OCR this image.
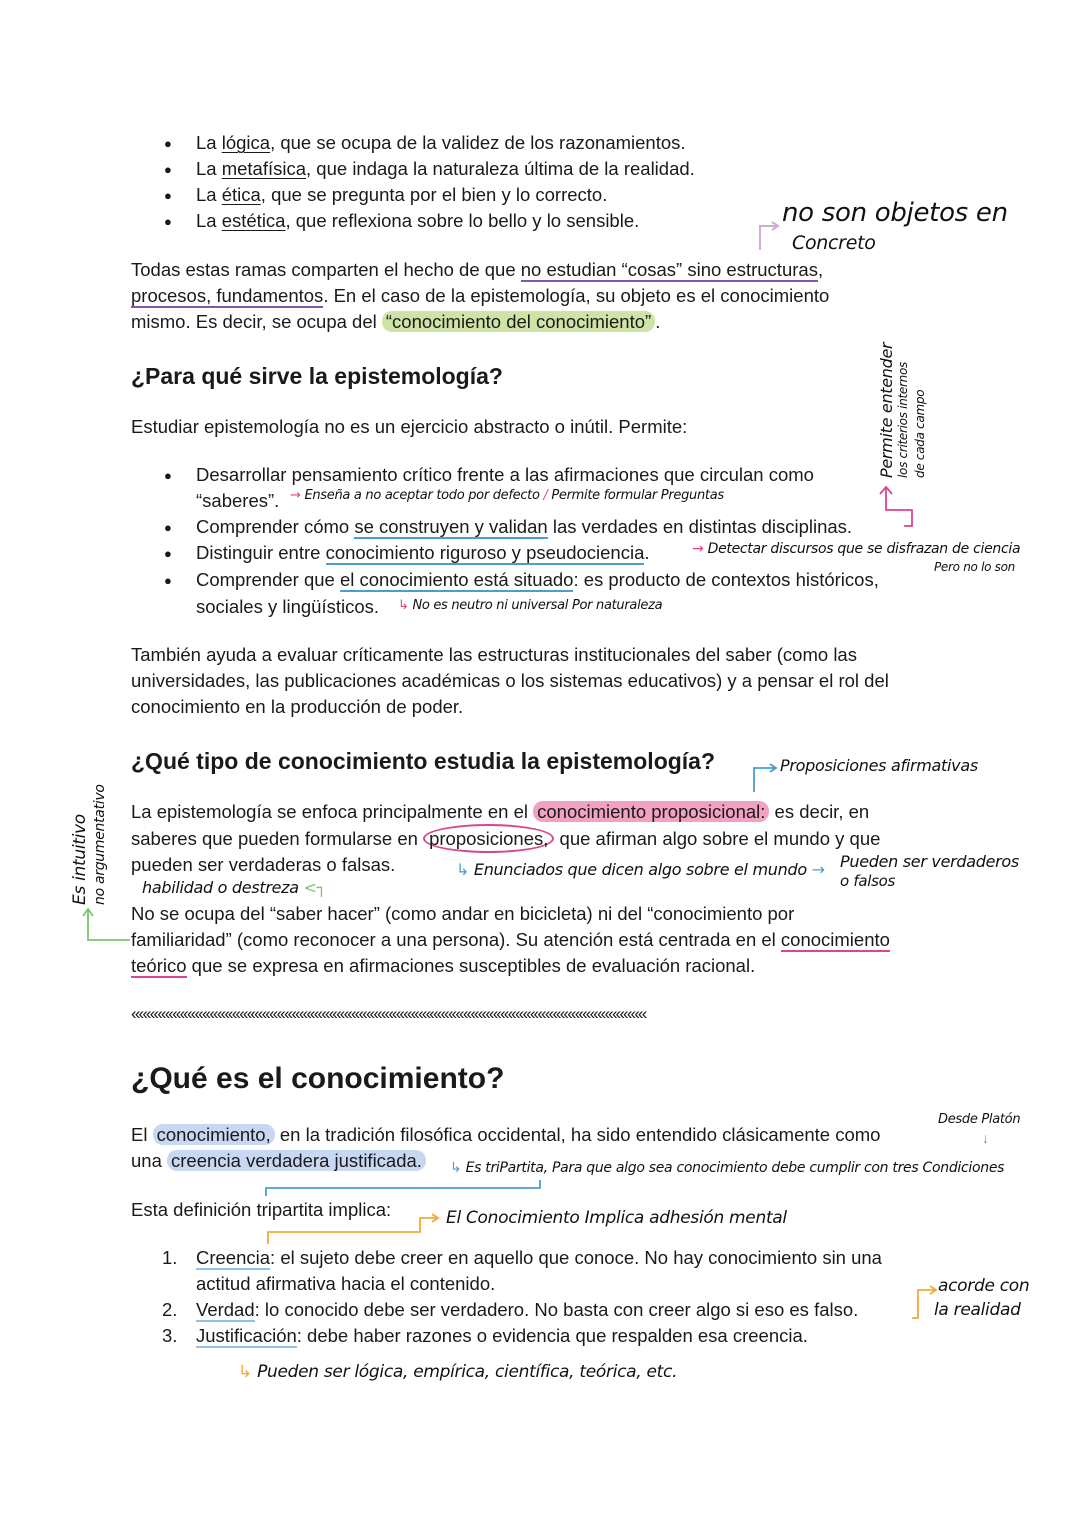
● La lógica, que se ocupa de la validez de los razonamientos.
● La metafísica, que indaga la naturaleza última de la realidad.
● La ética, que se pregunta por el bien y lo correcto.
● La estética, que reflexiona sobre lo bello y lo sensible.	no son objetos en
Concreto
Todas estas ramas comparten el hecho de que no estudian “cosas” sino estructuras,
procesos, fundamentos. En el caso de la epistemología, su objeto es el conocimiento
mismo. Es decir, se ocupa del “conocimiento del conocimiento” .
¿Para qué sirve la epistemología?
Estudiar epistemología no es un ejercicio abstracto o inútil. Permite:	Permite entender los criterios internos de cada campo
● Desarrollar pensamiento crítico frente a las afirmaciones que circulan como
“saberes”. → Enseña a no aceptar todo por defecto / Permite formular Preguntas
● Comprender cómo se construyen y validan las verdades en distintas disciplinas.
● Distinguir entre conocimiento riguroso y pseudociencia.	→ Detectar discursos que se disfrazan de ciencia
Pero no lo son
● Comprender que el conocimiento está situado: es producto de contextos históricos,
sociales y lingüísticos. ↳ No es neutro ni universal Por naturaleza
También ayuda a evaluar críticamente las estructuras institucionales del saber (como las
universidades, las publicaciones académicas o los sistemas educativos) y a pensar el rol del
conocimiento en la producción de poder.
¿Qué tipo de conocimiento estudia la epistemología?	Proposiciones afirmativas
Es intuitivo no argumentativo La epistemología se enfoca principalmente en el conocimiento proposicional: es decir, en
saberes que pueden formularse en proposiciones, que afirman algo sobre el mundo y que
pueden ser verdaderas o falsas.	↳ Enunciados que dicen algo sobre el mundo → Pueden ser verdaderos
o falsos
habilidad o destreza <┐
No se ocupa del “saber hacer” (como andar en bicicleta) ni del “conocimiento por
familiaridad” (como reconocer a una persona). Su atención está centrada en el conocimiento
teórico que se expresa en afirmaciones susceptibles de evaluación racional.
«««««««««««««««««««««««««««««««««««««««««««««««««««««««««««««««««««««
¿Qué es el conocimiento?
Desde Platón
↓
El conocimiento, en la tradición filosófica occidental, ha sido entendido clásicamente como
una creencia verdadera justificada. ↳ Es triPartita, Para que algo sea conocimiento debe cumplir con tres Condiciones
Esta definición tripartita implica:	El Conocimiento Implica adhesión mental
1. Creencia: el sujeto debe creer en aquello que conoce. No hay conocimiento sin una
actitud afirmativa hacia el contenido.
2. Verdad: lo conocido debe ser verdadero. No basta con creer algo si eso es falso.
acorde con
la realidad
3. Justificación: debe haber razones o evidencia que respalden esa creencia.
↳ Pueden ser lógica, empírica, científica, teórica, etc.
